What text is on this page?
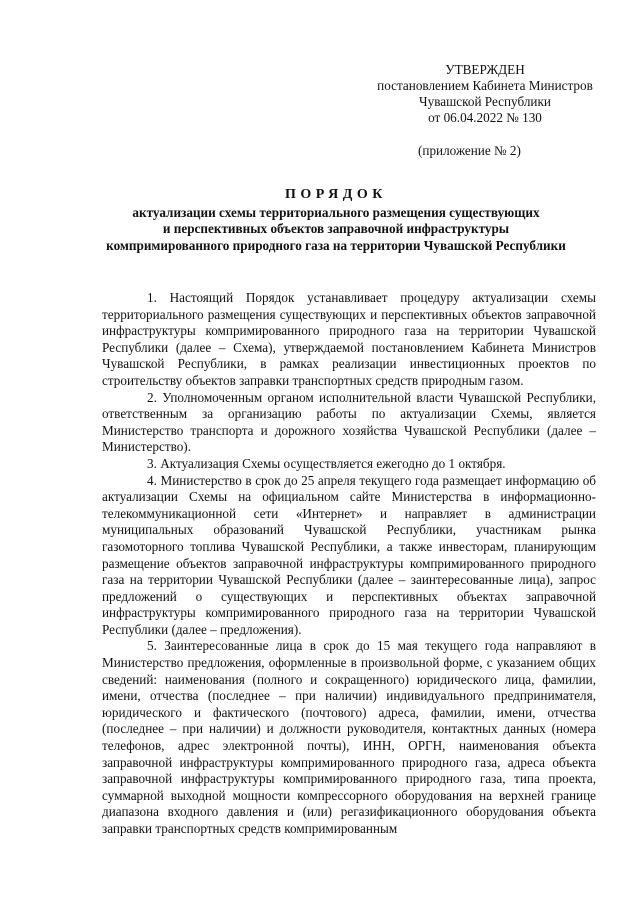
УТВЕРЖДЕН
постановлением Кабинета Министров
Чувашской Республики
от 06.04.2022 № 130
(приложение № 2)
ПОРЯДОК
актуализации схемы территориального размещения существующих
и перспективных объектов заправочной инфраструктуры
компримированного природного газа на территории Чувашской Республики

1. Настоящий Порядок устанавливает процедуру актуализации схемы территориального размещения существующих и перспективных объектов заправочной инфраструктуры компримированного природного газа на территории Чувашской Республики (далее – Схема), утверждаемой постановлением Кабинета Министров Чувашской Республики, в рамках реализации инвестиционных проектов по строительству объектов заправки транспортных средств природным газом.

2. Уполномоченным органом исполнительной власти Чувашской Республики, ответственным за организацию работы по актуализации Схемы, является Министерство транспорта и дорожного хозяйства Чувашской Республики (далее – Министерство).

3. Актуализация Схемы осуществляется ежегодно до 1 октября.

4. Министерство в срок до 25 апреля текущего года размещает информацию об актуализации Схемы на официальном сайте Министерства в информационно-телекоммуникационной сети «Интернет» и направляет в администрации муниципальных образований Чувашской Республики, участникам рынка газомоторного топлива Чувашской Республики, а также инвесторам, планирующим размещение объектов заправочной инфраструктуры компримированного природного газа на территории Чувашской Республики (далее – заинтересованные лица), запрос предложений о существующих и перспективных объектах заправочной инфраструктуры компримированного природного газа на территории Чувашской Республики (далее – предложения).

5. Заинтересованные лица в срок до 15 мая текущего года направляют в Министерство предложения, оформленные в произвольной форме, с указанием общих сведений: наименования (полного и сокращенного) юридического лица, фамилии, имени, отчества (последнее – при наличии) индивидуального предпринимателя, юридического и фактического (почтового) адреса, фамилии, имени, отчества (последнее – при наличии) и должности руководителя, контактных данных (номера телефонов, адрес электронной почты), ИНН, ОРГН, наименования объекта заправочной инфраструктуры компримированного природного газа, адреса объекта заправочной инфраструктуры компримированного природного газа, типа проекта, суммарной выходной мощности компрессорного оборудования на верхней границе диапазона входного давления и (или) регазификационного оборудования объекта заправки транспортных средств компримированным
